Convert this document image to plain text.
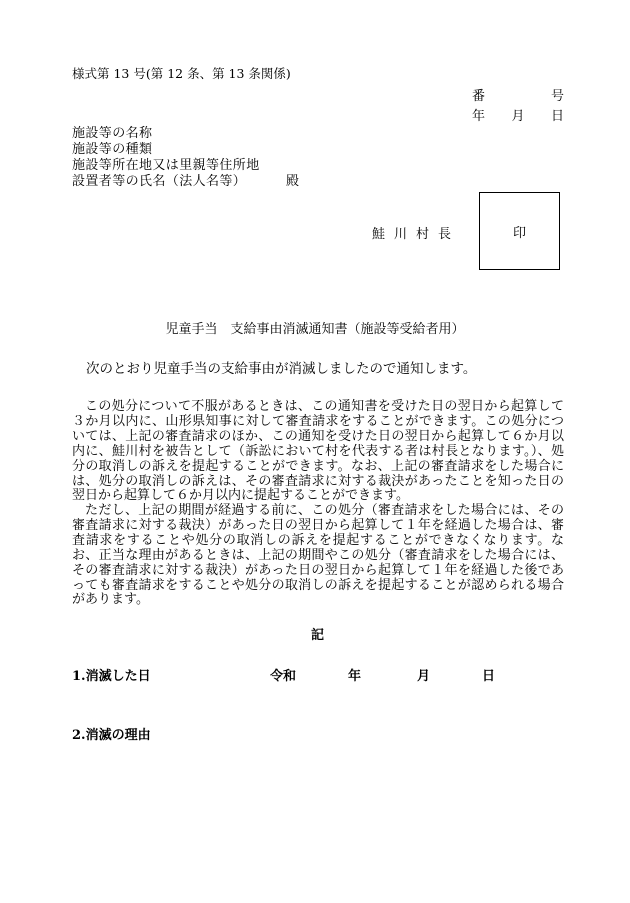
様式第 13 号(第 12 条、第 13 条関係)
番	号
年 月 日
施設等の名称
施設等の種類
施設等所在地又は里親等住所地
設置者等の氏名（法人名等）	殿
鮭川村長	印
児童手当　支給事由消滅通知書（施設等受給者用）
次のとおり児童手当の支給事由が消滅しましたので通知します。
この処分について不服があるときは、この通知書を受けた日の翌日から起算して３か月以内に、山形県知事に対して審査請求をすることができます。この処分については、上記の審査請求のほか、この通知を受けた日の翌日から起算して６か月以内に、鮭川村を被告として（訴訟において村を代表する者は村長となります。）、処分の取消しの訴えを提起することができます。なお、上記の審査請求をした場合には、処分の取消しの訴えは、その審査請求に対する裁決があったことを知った日の翌日から起算して６か月以内に提起することができます。
ただし、上記の期間が経過する前に、この処分（審査請求をした場合には、その審査請求に対する裁決）があった日の翌日から起算して１年を経過した場合は、審査請求をすることや処分の取消しの訴えを提起することができなくなります。なお、正当な理由があるときは、上記の期間やこの処分（審査請求をした場合には、その審査請求に対する裁決）があった日の翌日から起算して１年を経過した後であっても審査請求をすることや処分の取消しの訴えを提起することが認められる場合があります。
記
1.消滅した日	令和	年	月	日
2.消滅の理由
